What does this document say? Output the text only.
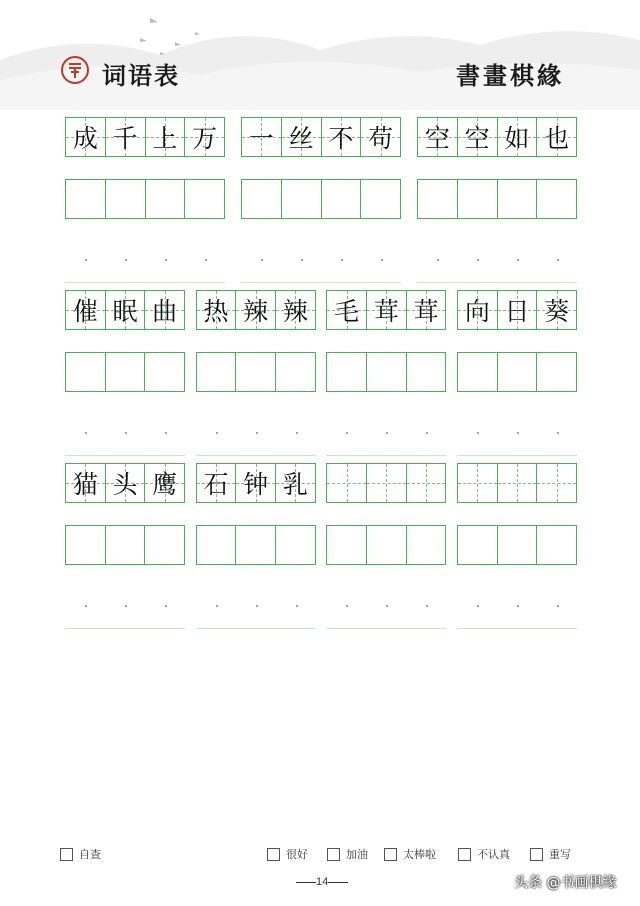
词语表	書畫棋緣
成 千 上 万 一 丝 不 苟 空 空 如 也
催 眠 曲 热 辣 辣 毛 茸 茸 向 日 葵
猫 头 鹰 石 钟 乳
自查	很好	加油	太棒啦	不认真	重写
14	头条 @书画棋缘
